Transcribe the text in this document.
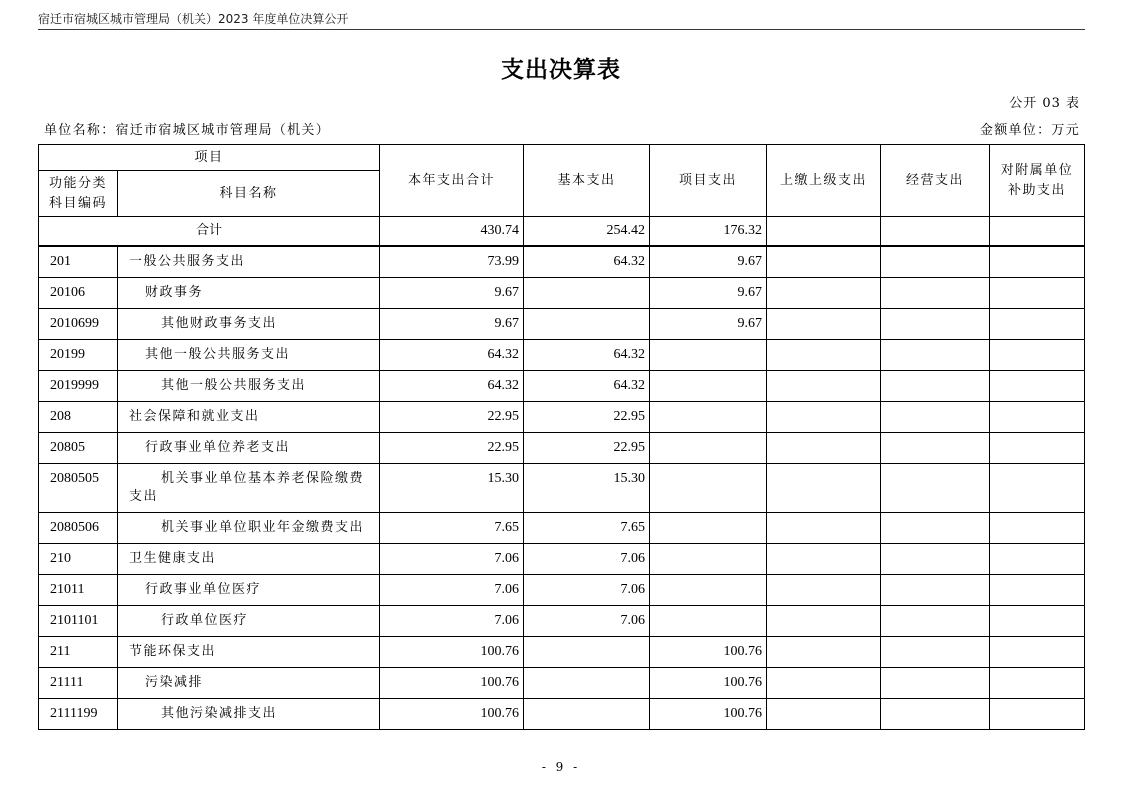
宿迁市宿城区城市管理局（机关）2023 年度单位决算公开
支出决算表
公开 03 表
单位名称：宿迁市宿城区城市管理局（机关）	金额单位：万元
项目		本年支出合计	基本支出	项目支出	上缴上级支出	经营支出	对附属单位
补助支出

功能分类
科目编码	科目名称						
合计		430.74	254.42	176.32			
201	一般公共服务支出	73.99	64.32	9.67			
20106	财政事务	9.67		9.67			
2010699	其他财政事务支出	9.67		9.67			
20199	其他一般公共服务支出	64.32	64.32				
2019999	其他一般公共服务支出	64.32	64.32				
208	社会保障和就业支出	22.95	22.95				
20805	行政事业单位养老支出	22.95	22.95				
2080505	机关事业单位基本养老保险缴费支出	15.30	15.30				
2080506	机关事业单位职业年金缴费支出	7.65	7.65				
210	卫生健康支出	7.06	7.06				
21011	行政事业单位医疗	7.06	7.06				
2101101	行政单位医疗	7.06	7.06				
211	节能环保支出	100.76		100.76			
21111	污染减排	100.76		100.76			
2111199	其他污染减排支出	100.76		100.76			
- 9 -
